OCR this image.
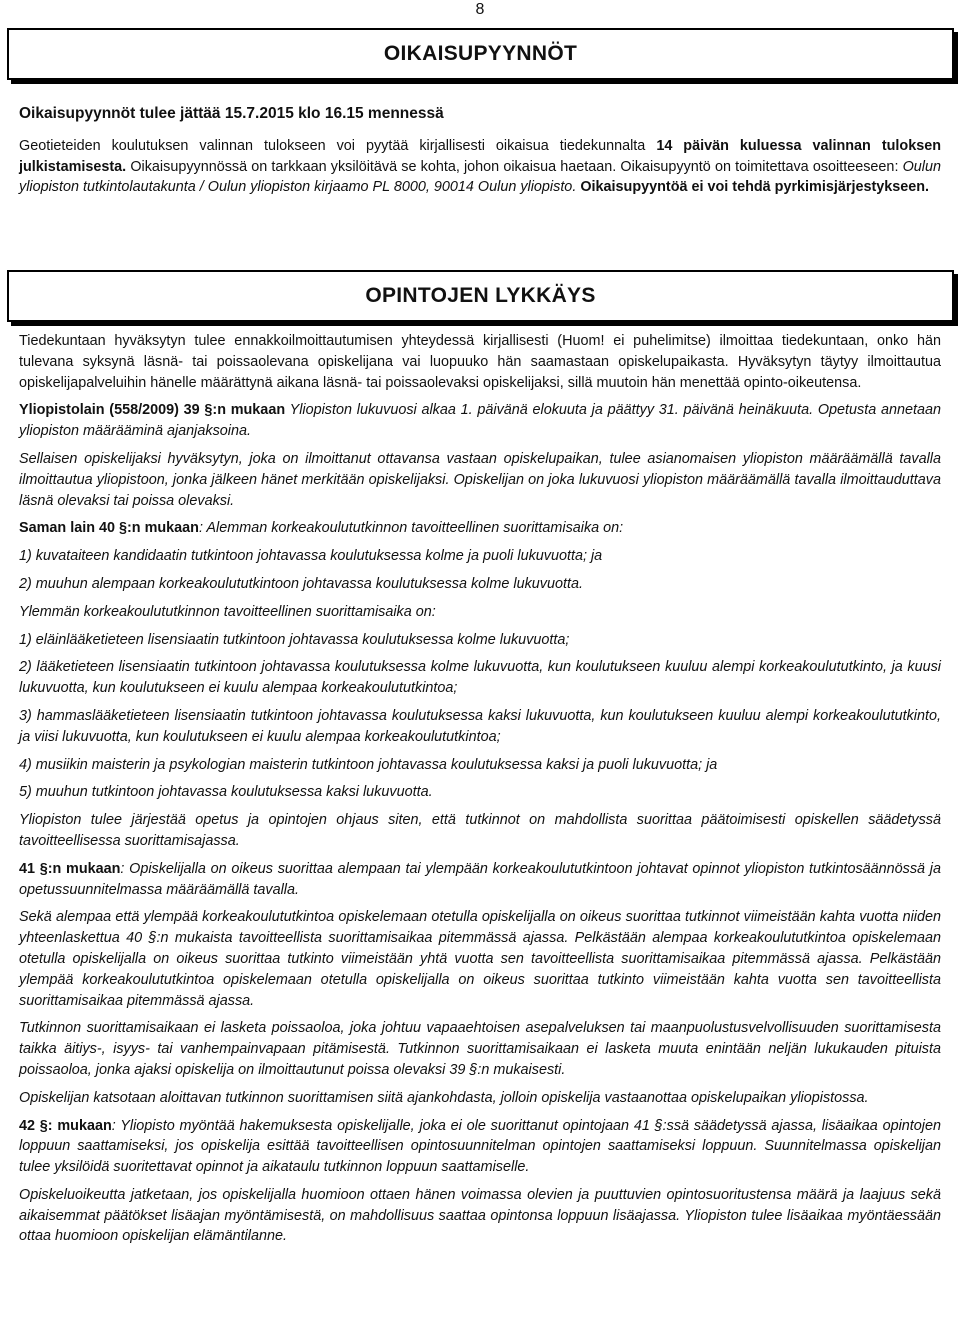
8
OIKAISUPYYNNÖT

Oikaisupyynnöt tulee jättää 15.7.2015 klo 16.15 mennessä

Geotieteiden koulutuksen valinnan tulokseen voi pyytää kirjallisesti oikaisua tiedekunnalta 14 päivän kuluessa valinnan tuloksen julkistamisesta. Oikaisupyynnössä on tarkkaan yksilöitävä se kohta, johon oikaisua haetaan. Oikaisupyyntö on toimitettava osoitteeseen: Oulun yliopiston tutkintolautakunta / Oulun yliopiston kirjaamo PL 8000, 90014 Oulun yliopisto. Oikaisupyyntöä ei voi tehdä pyrkimisjärjestykseen.

OPINTOJEN LYKKÄYS

Tiedekuntaan hyväksytyn tulee ennakkoilmoittautumisen yhteydessä kirjallisesti (Huom! ei puhelimitse) ilmoittaa tiedekuntaan, onko hän tulevana syksynä läsnä- tai poissaolevana opiskelijana vai luopuuko hän saamastaan opiskelupaikasta. Hyväksytyn täytyy ilmoittautua opiskelijapalveluihin hänelle määrättynä aikana läsnä- tai poissaolevaksi opiskelijaksi, sillä muutoin hän menettää opinto-oikeutensa.

Yliopistolain (558/2009) 39 §:n mukaan Yliopiston lukuvuosi alkaa 1. päivänä elokuuta ja päättyy 31. päivänä heinäkuuta. Opetusta annetaan yliopiston määrääminä ajanjaksoina.

Sellaisen opiskelijaksi hyväksytyn, joka on ilmoittanut ottavansa vastaan opiskelupaikan, tulee asianomaisen yliopiston määräämällä tavalla ilmoittautua yliopistoon, jonka jälkeen hänet merkitään opiskelijaksi. Opiskelijan on joka lukuvuosi yliopiston määräämällä tavalla ilmoittauduttava läsnä olevaksi tai poissa olevaksi.

Saman lain 40 §:n mukaan: Alemman korkeakoulututkinnon tavoitteellinen suorittamisaika on:

1) kuvataiteen kandidaatin tutkintoon johtavassa koulutuksessa kolme ja puoli lukuvuotta; ja

2) muuhun alempaan korkeakoulututkintoon johtavassa koulutuksessa kolme lukuvuotta.

Ylemmän korkeakoulututkinnon tavoitteellinen suorittamisaika on:

1) eläinlääketieteen lisensiaatin tutkintoon johtavassa koulutuksessa kolme lukuvuotta;

2) lääketieteen lisensiaatin tutkintoon johtavassa koulutuksessa kolme lukuvuotta, kun koulutukseen kuuluu alempi korkeakoulututkinto, ja kuusi lukuvuotta, kun koulutukseen ei kuulu alempaa korkeakoulututkintoa;

3) hammaslääketieteen lisensiaatin tutkintoon johtavassa koulutuksessa kaksi lukuvuotta, kun koulutukseen kuuluu alempi korkeakoulututkinto, ja viisi lukuvuotta, kun koulutukseen ei kuulu alempaa korkeakoulututkintoa;

4) musiikin maisterin ja psykologian maisterin tutkintoon johtavassa koulutuksessa kaksi ja puoli lukuvuotta; ja

5) muuhun tutkintoon johtavassa koulutuksessa kaksi lukuvuotta.

Yliopiston tulee järjestää opetus ja opintojen ohjaus siten, että tutkinnot on mahdollista suorittaa päätoimisesti opiskellen säädetyssä tavoitteellisessa suorittamisajassa.

41 §:n mukaan: Opiskelijalla on oikeus suorittaa alempaan tai ylempään korkeakoulututkintoon johtavat opinnot yliopiston tutkintosäännössä ja opetussuunnitelmassa määräämällä tavalla.

Sekä alempaa että ylempää korkeakoulututkintoa opiskelemaan otetulla opiskelijalla on oikeus suorittaa tutkinnot viimeistään kahta vuotta niiden yhteenlaskettua 40 §:n mukaista tavoitteellista suorittamisaikaa pitemmässä ajassa. Pelkästään alempaa korkeakoulututkintoa opiskelemaan otetulla opiskelijalla on oikeus suorittaa tutkinto viimeistään yhtä vuotta sen tavoitteellista suorittamisaikaa pitemmässä ajassa. Pelkästään ylempää korkeakoulututkintoa opiskelemaan otetulla opiskelijalla on oikeus suorittaa tutkinto viimeistään kahta vuotta sen tavoitteellista suorittamisaikaa pitemmässä ajassa.

Tutkinnon suorittamisaikaan ei lasketa poissaoloa, joka johtuu vapaaehtoisen asepalveluksen tai maanpuolustusvelvollisuuden suorittamisesta taikka äitiys-, isyys- tai vanhempainvapaan pitämisestä. Tutkinnon suorittamisaikaan ei lasketa muuta enintään neljän lukukauden pituista poissaoloa, jonka ajaksi opiskelija on ilmoittautunut poissa olevaksi 39 §:n mukaisesti.

Opiskelijan katsotaan aloittavan tutkinnon suorittamisen siitä ajankohdasta, jolloin opiskelija vastaanottaa opiskelupaikan yliopistossa.

42 §: mukaan: Yliopisto myöntää hakemuksesta opiskelijalle, joka ei ole suorittanut opintojaan 41 §:ssä säädetyssä ajassa, lisäaikaa opintojen loppuun saattamiseksi, jos opiskelija esittää tavoitteellisen opintosuunnitelman opintojen saattamiseksi loppuun. Suunnitelmassa opiskelijan tulee yksilöidä suoritettavat opinnot ja aikataulu tutkinnon loppuun saattamiselle.

Opiskeluoikeutta jatketaan, jos opiskelijalla huomioon ottaen hänen voimassa olevien ja puuttuvien opintosuoritustensa määrä ja laajuus sekä aikaisemmat päätökset lisäajan myöntämisestä, on mahdollisuus saattaa opintonsa loppuun lisäajassa. Yliopiston tulee lisäaikaa myöntäessään ottaa huomioon opiskelijan elämäntilanne.
